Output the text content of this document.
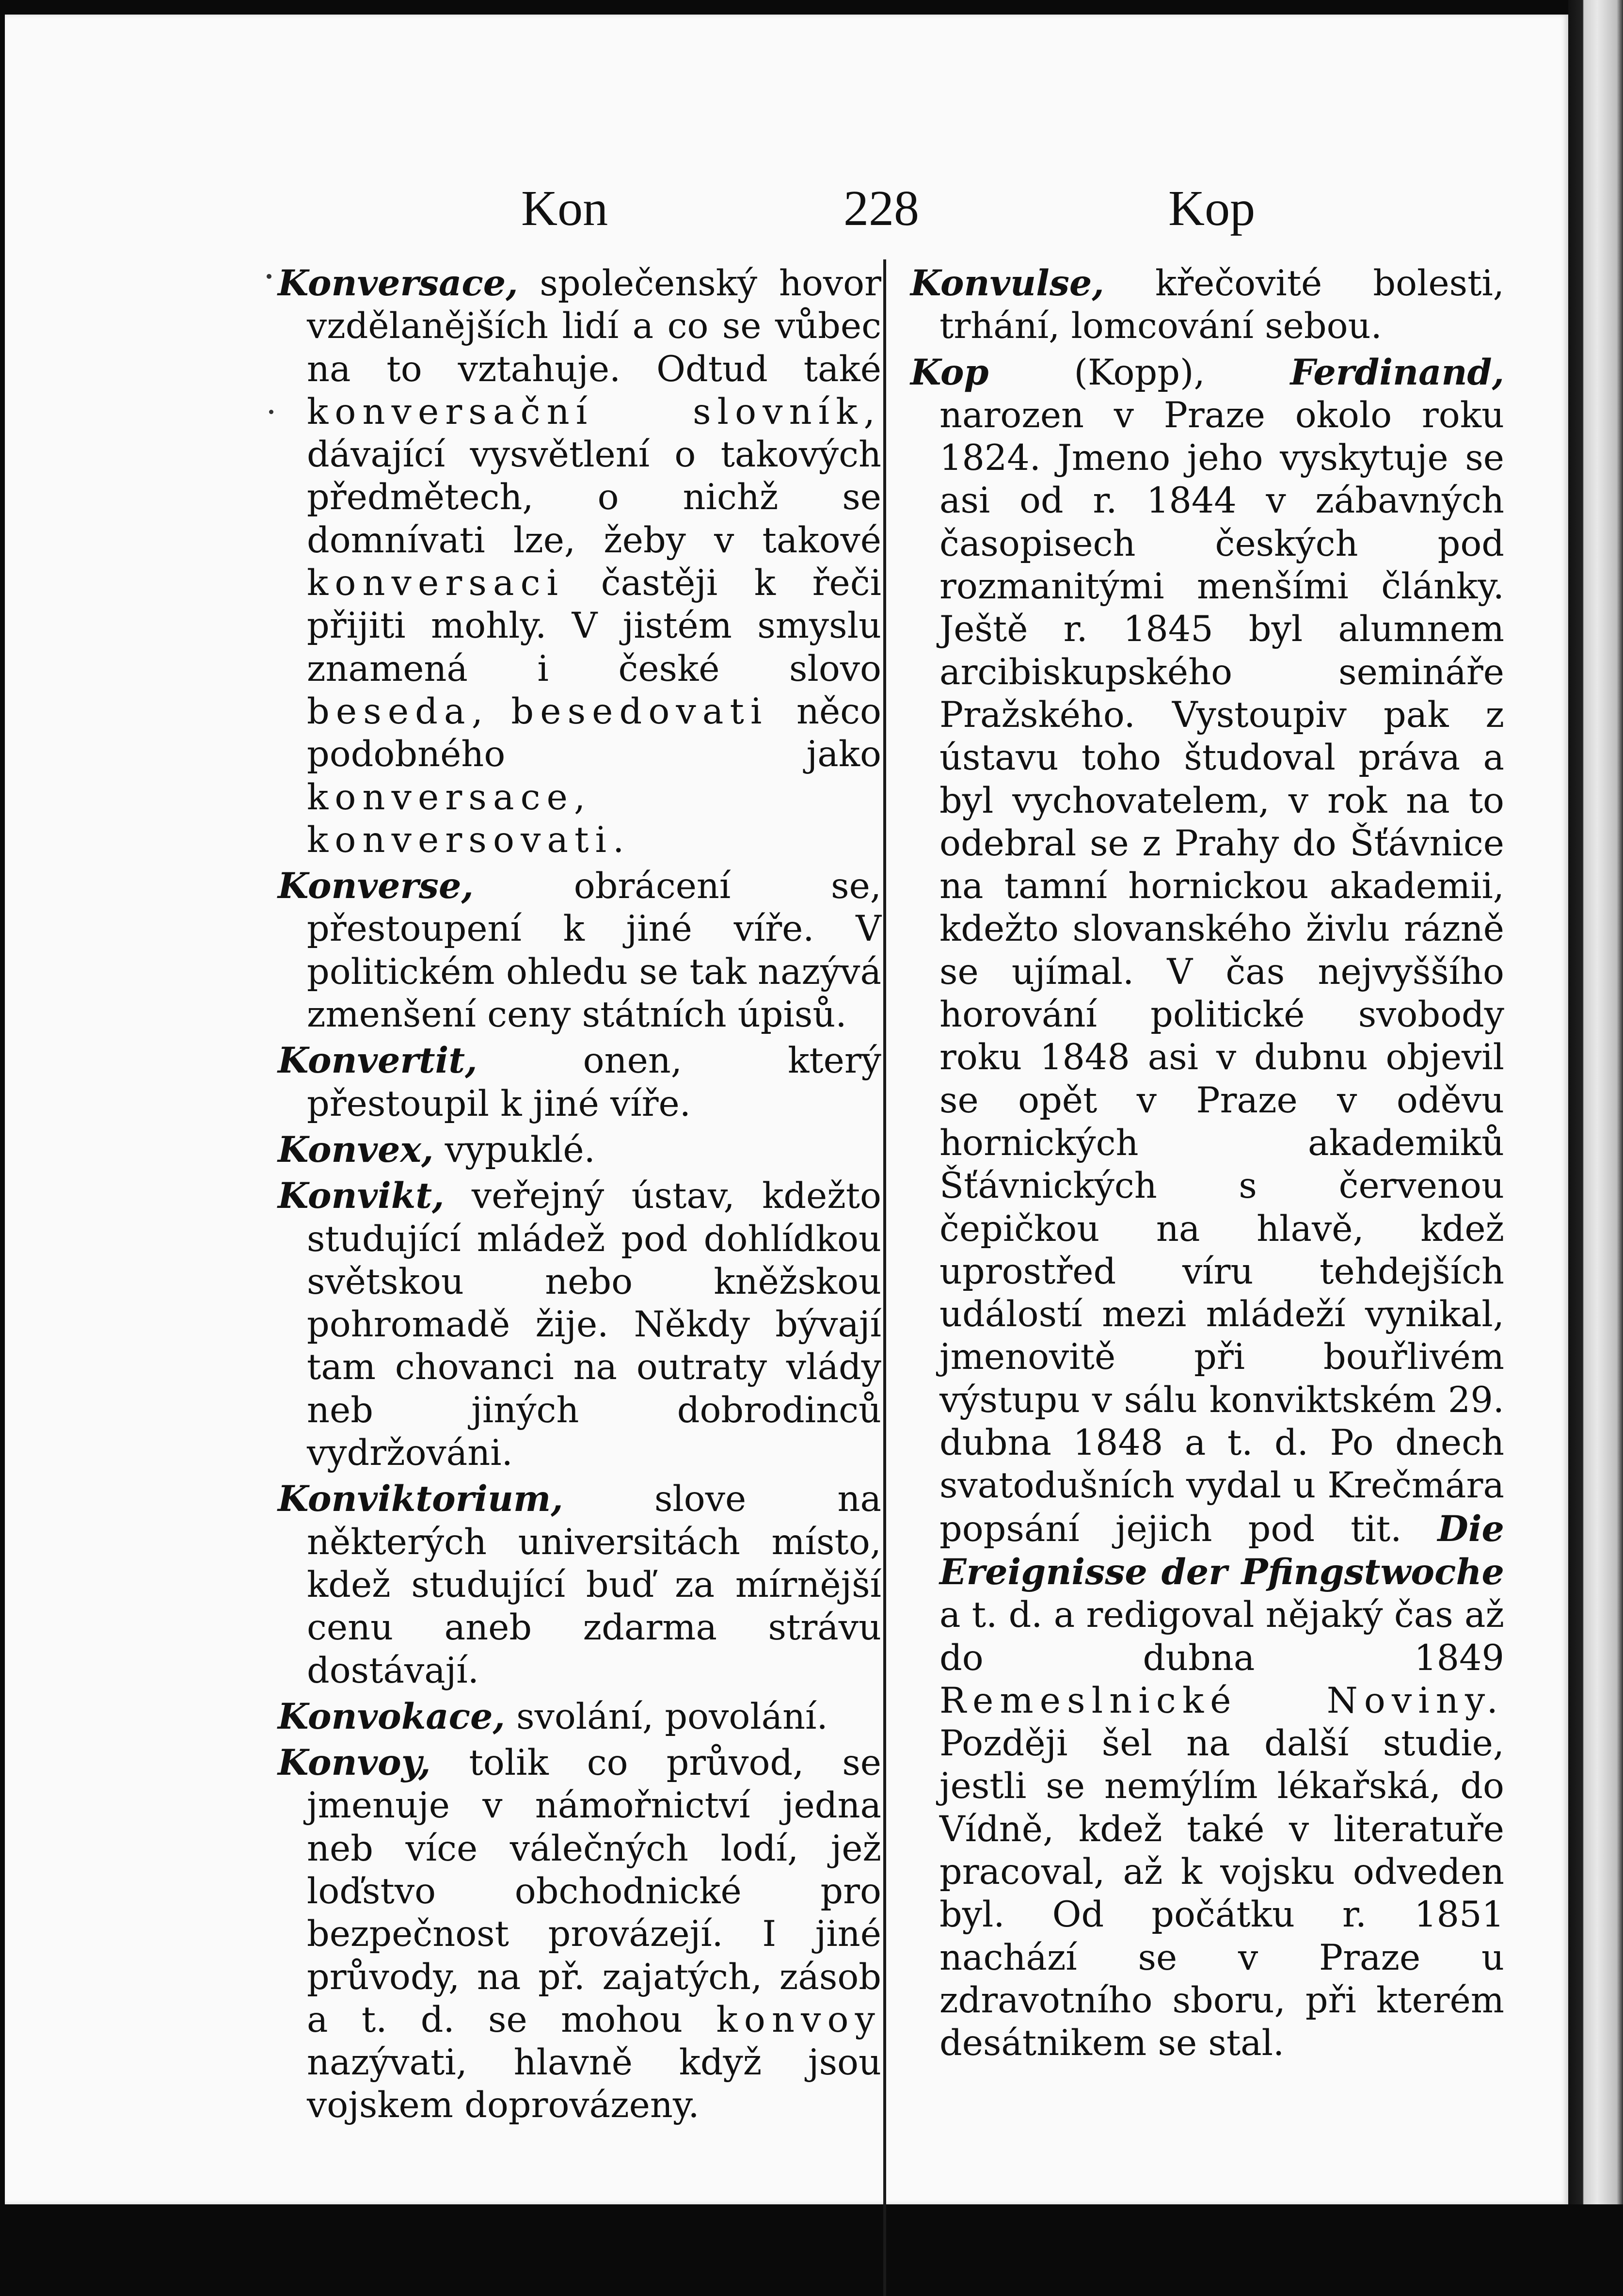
Kon	228	Kop

Konversace, společenský hovor vzdělanějších lidí a co se vůbec na to vztahuje. Odtud také konversační slovník, dávající vysvětlení o takových předmětech, o nichž se domnívati lze, žeby v takové konversaci častěji k řeči přijiti mohly. V jistém smyslu znamená i české slovo beseda, besedovati něco podobného jako konversace, konversovati.

Konverse, obrácení se, přestoupení k jiné víře. V politickém ohledu se tak nazývá zmenšení ceny státních úpisů.

Konvertit, onen, který přestoupil k jiné víře.

Konvex, vypuklé.

Konvikt, veřejný ústav, kdežto studující mládež pod dohlídkou světskou nebo kněžskou pohromadě žije. Někdy bývají tam chovanci na outraty vlády neb jiných dobrodinců vydržováni.

Konviktorium, slove na některých universitách místo, kdež studující buď za mírnější cenu aneb zdarma strávu dostávají.

Konvokace, svolání, povolání.

Konvoy, tolik co průvod, se jmenuje v námořnictví jedna neb více válečných lodí, jež loďstvo obchodnické pro bezpečnost provázejí. I jiné průvody, na př. zajatých, zásob a t. d. se mohou konvoy nazývati, hlavně když jsou vojskem doprovázeny.

Konvulse, křečovité bolesti, trhání, lomcování sebou.

Kop (Kopp), Ferdinand, narozen v Praze okolo roku 1824. Jmeno jeho vyskytuje se asi od r. 1844 v zábavných časopisech českých pod rozmanitými menšími články. Ještě r. 1845 byl alumnem arcibiskupského semináře Pražského. Vystoupiv pak z ústavu toho študoval práva a byl vychovatelem, v rok na to odebral se z Prahy do Šťávnice na tamní hornickou akademii, kdežto slovanského živlu rázně se ujímal. V čas nejvyššího horování politické svobody roku 1848 asi v dubnu objevil se opět v Praze v oděvu hornických akademiků Šťávnických s červenou čepičkou na hlavě, kdež uprostřed víru tehdejších událostí mezi mládeží vynikal, jmenovitě při bouřlivém výstupu v sálu konviktském 29. dubna 1848 a t. d. Po dnech svatodušních vydal u Krečmára popsání jejich pod tit. Die Ereignisse der Pfingstwoche a t. d. a redigoval nějaký čas až do dubna 1849 Remeslnické Noviny. Později šel na další studie, jestli se nemýlím lékařská, do Vídně, kdež také v literatuře pracoval, až k vojsku odveden byl. Od počátku r. 1851 nachází se v Praze u zdravotního sboru, při kterém desátnikem se stal.
